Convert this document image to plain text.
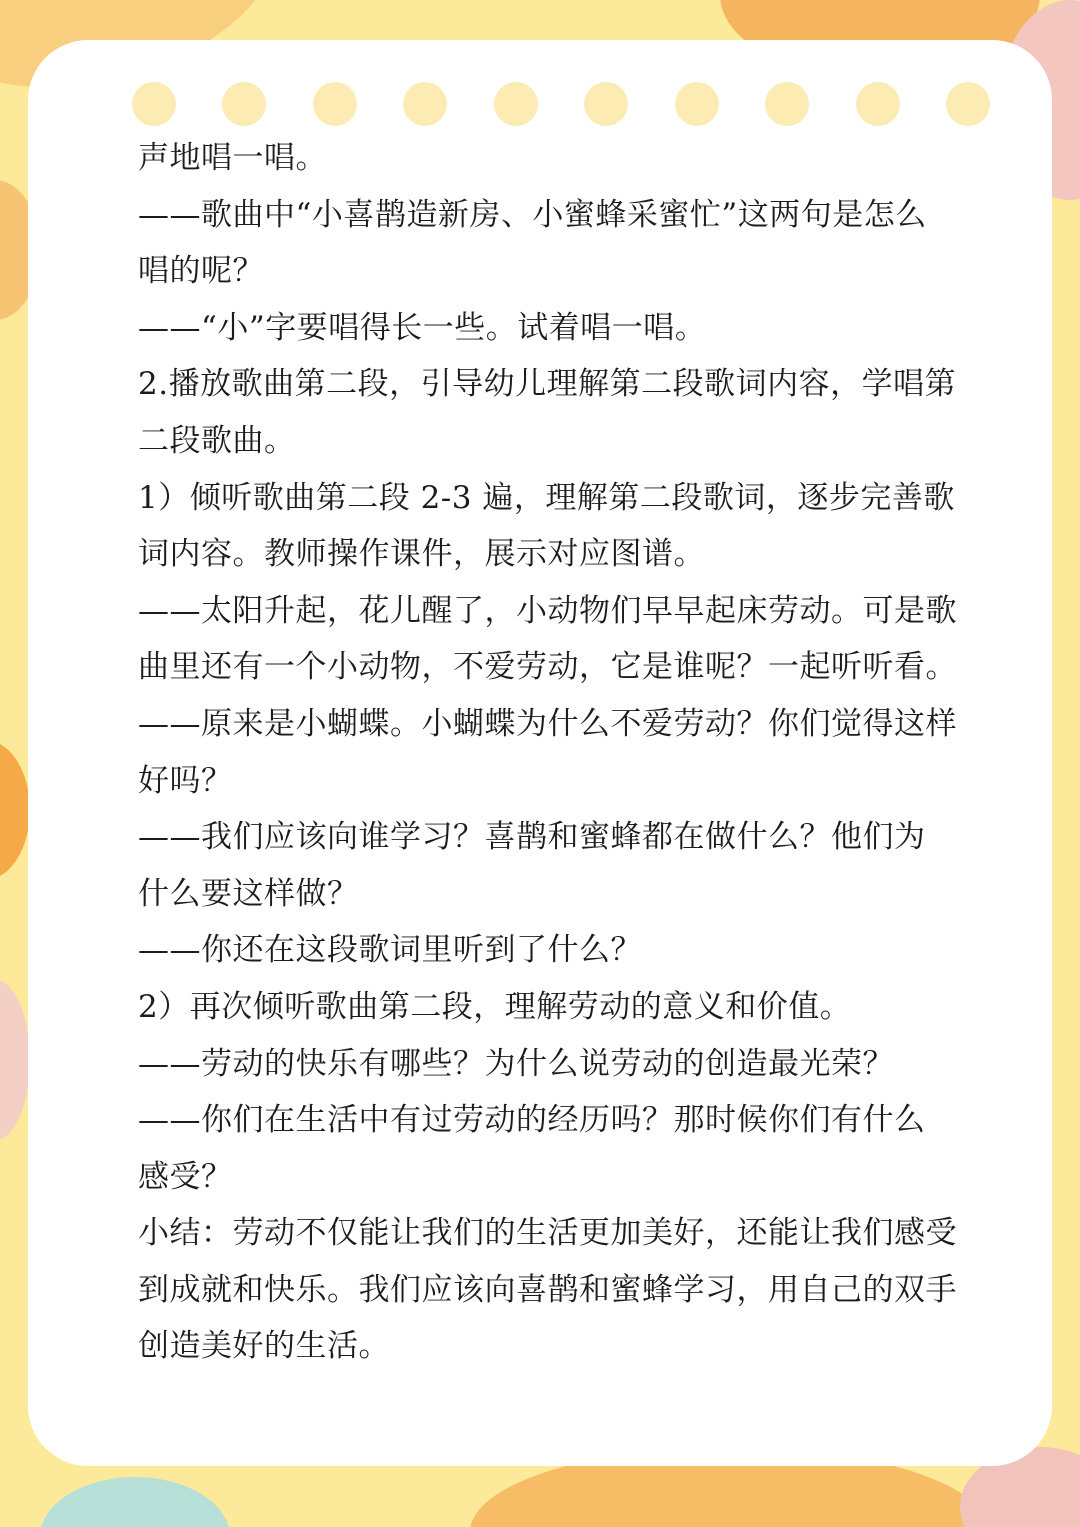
声地唱一唱。
——歌曲中“小喜鹊造新房、小蜜蜂采蜜忙”这两句是怎么
唱的呢？
——“小”字要唱得长一些。试着唱一唱。
2.播放歌曲第二段，引导幼儿理解第二段歌词内容，学唱第
二段歌曲。
1）倾听歌曲第二段 2-3 遍，理解第二段歌词，逐步完善歌
词内容。教师操作课件，展示对应图谱。
——太阳升起，花儿醒了，小动物们早早起床劳动。可是歌
曲里还有一个小动物，不爱劳动，它是谁呢？一起听听看。
——原来是小蝴蝶。小蝴蝶为什么不爱劳动？你们觉得这样
好吗？
——我们应该向谁学习？喜鹊和蜜蜂都在做什么？他们为
什么要这样做？
——你还在这段歌词里听到了什么？
2）再次倾听歌曲第二段，理解劳动的意义和价值。
——劳动的快乐有哪些？为什么说劳动的创造最光荣？
——你们在生活中有过劳动的经历吗？那时候你们有什么
感受？
小结：劳动不仅能让我们的生活更加美好，还能让我们感受
到成就和快乐。我们应该向喜鹊和蜜蜂学习，用自己的双手
创造美好的生活。
